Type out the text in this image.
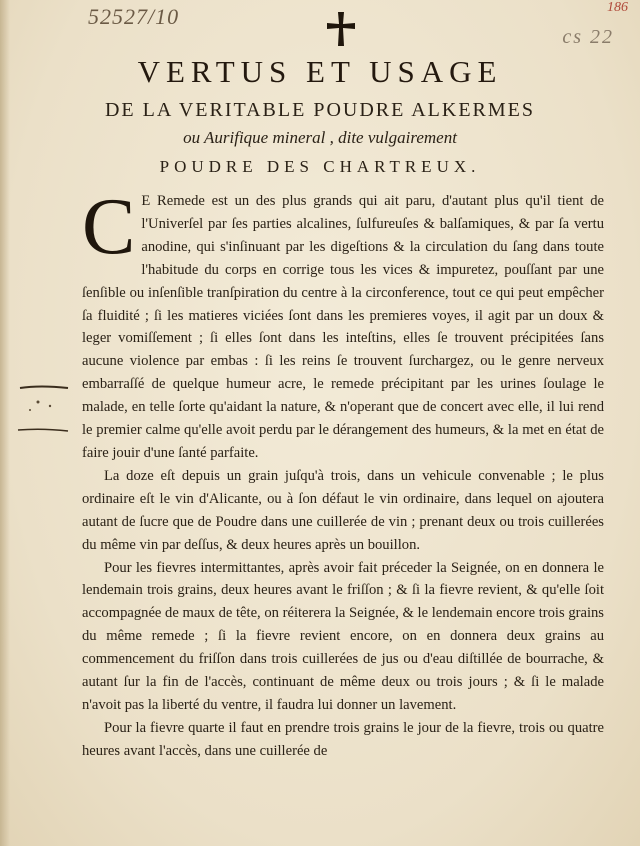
52527/10
cs 22
186
VERTUS ET USAGE
DE LA VERITABLE POUDRE ALKERMES
ou Aurifique mineral , dite vulgairement
POUDRE DES CHARTREUX.
C E Remede est un des plus grands qui ait paru, d'autant plus qu'il tient de l'Univerſel par ſes parties alcalines, ſulfureuſes & balſamiques, & par ſa vertu anodine, qui s'inſinuant par les digeſtions & la circulation du ſang dans toute l'habitude du corps en corrige tous les vices & impuretez, pouſſant par une ſenſible ou inſenſible tranſpiration du centre à la circonference, tout ce qui peut empêcher ſa fluidité ; ſi les matieres viciées ſont dans les premieres voyes, il agit par un doux & leger vomiſſement ; ſi elles ſont dans les inteſtins, elles ſe trouvent précipitées ſans aucune violence par embas : ſi les reins ſe trouvent ſurchargez, ou le genre nerveux embarraſſé de quelque humeur acre, le remede précipitant par les urines ſoulage le malade, en telle ſorte qu'aidant la nature, & n'operant que de concert avec elle, il lui rend le premier calme qu'elle avoit perdu par le dérangement des humeurs, & la met en état de faire jouir d'une ſanté parfaite.

La doze eſt depuis un grain juſqu'à trois, dans un vehicule convenable ; le plus ordinaire eſt le vin d'Alicante, ou à ſon défaut le vin ordinaire, dans lequel on ajoutera autant de ſucre que de Poudre dans une cuillerée de vin ; prenant deux ou trois cuillerées du même vin par deſſus, & deux heures après un bouillon.

Pour les fievres intermittantes, après avoir fait préceder la Seignée, on en donnera le lendemain trois grains, deux heures avant le friſſon ; & ſi la fievre revient, & qu'elle ſoit accompagnée de maux de tête, on réiterera la Seignée, & le lendemain encore trois grains du même remede ; ſi la fievre revient encore, on en donnera deux grains au commencement du friſſon dans trois cuillerées de jus ou d'eau diſtillée de bourrache, & autant ſur la fin de l'accès, continuant de même deux ou trois jours ; & ſi le malade n'avoit pas la liberté du ventre, il faudra lui donner un lavement.

Pour la fievre quarte il faut en prendre trois grains le jour de la fievre, trois ou quatre heures avant l'accès, dans une cuillerée de
